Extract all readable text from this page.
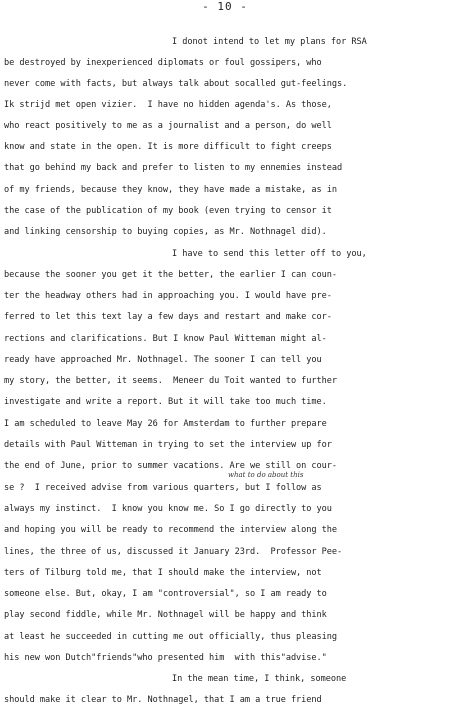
- 10 -
I donot intend to let my plans for RSA
be destroyed by inexperienced diplomats or foul gossipers, who
never come with facts, but always talk about socalled gut-feelings.
Ik strijd met open vizier.  I have no hidden agenda's. As those,
who react positively to me as a journalist and a person, do well
know and state in the open. It is more difficult to fight creeps
that go behind my back and prefer to listen to my ennemies instead
of my friends, because they know, they have made a mistake, as in
the case of the publication of my book (even trying to censor it
and linking censorship to buying copies, as Mr. Nothnagel did).
I have to send this letter off to you,
because the sooner you get it the better, the earlier I can coun-
ter the headway others had in approaching you. I would have pre-
ferred to let this text lay a few days and restart and make cor-
rections and clarifications. But I know Paul Witteman might al-
ready have approached Mr. Nothnagel. The sooner I can tell you
my story, the better, it seems.  Meneer du Toit wanted to further
investigate and write a report. But it will take too much time.
I am scheduled to leave May 26 for Amsterdam to further prepare
details with Paul Witteman in trying to set the interview up for
the end of June, prior to summer vacations. Are we still on cour-
what to do about this
se ?  I received advise from various quarters, but I follow as
always my instinct.  I know you know me. So I go directly to you
and hoping you will be ready to recommend the interview along the
lines, the three of us, discussed it January 23rd.  Professor Pee-
ters of Tilburg told me, that I should make the interview, not
someone else. But, okay, I am "controversial", so I am ready to
play second fiddle, while Mr. Nothnagel will be happy and think
at least he succeeded in cutting me out officially, thus pleasing
his new won Dutch"friends"who presented him  with this"advise."
In the mean time, I think, someone
should make it clear to Mr. Nothnagel, that I am a true friend
